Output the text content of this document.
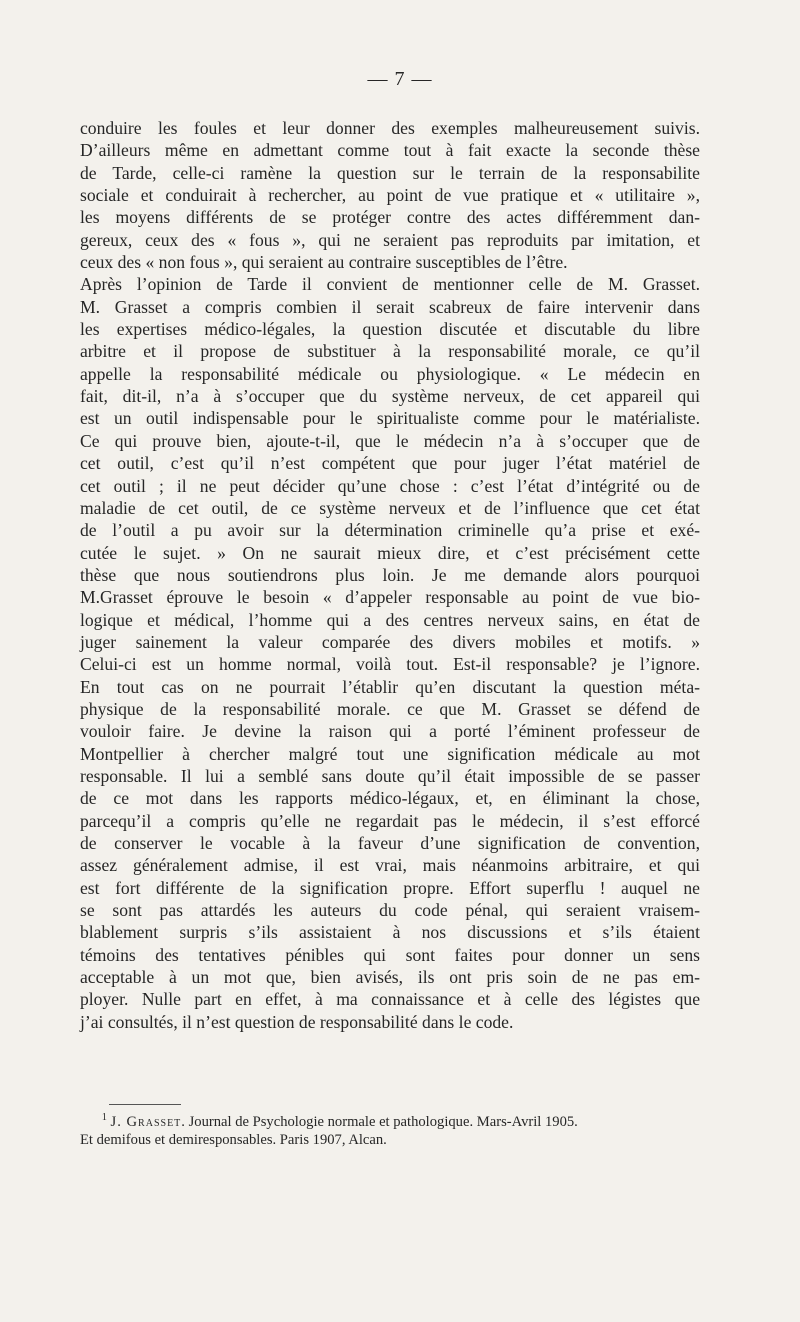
— 7 —
conduire les foules et leur donner des exemples malheureusement suivis.
D’ailleurs même en admettant comme tout à fait exacte la seconde thèse
de Tarde, celle-ci ramène la question sur le terrain de la responsabilite
sociale et conduirait à rechercher, au point de vue pratique et « utilitaire »,
les moyens différents de se protéger contre des actes différemment dan-
gereux, ceux des « fous », qui ne seraient pas reproduits par imitation, et
ceux des « non fous », qui seraient au contraire susceptibles de l’être.
Après l’opinion de Tarde il convient de mentionner celle de M. Grasset.
M. Grasset a compris combien il serait scabreux de faire intervenir dans
les expertises médico-légales, la question discutée et discutable du libre
arbitre et il propose de substituer à la responsabilité morale, ce qu’il
appelle la responsabilité médicale ou physiologique. « Le médecin en
fait, dit-il, n’a à s’occuper que du système nerveux, de cet appareil qui
est un outil indispensable pour le spiritualiste comme pour le matérialiste.
Ce qui prouve bien, ajoute-t-il, que le médecin n’a à s’occuper que de
cet outil, c’est qu’il n’est compétent que pour juger l’état matériel de
cet outil ; il ne peut décider qu’une chose : c’est l’état d’intégrité ou de
maladie de cet outil, de ce système nerveux et de l’influence que cet état
de l’outil a pu avoir sur la détermination criminelle qu’a prise et exé-
cutée le sujet. » On ne saurait mieux dire, et c’est précisément cette
thèse que nous soutiendrons plus loin. Je me demande alors pourquoi
M.Grasset éprouve le besoin « d’appeler responsable au point de vue bio-
logique et médical, l’homme qui a des centres nerveux sains, en état de
juger sainement la valeur comparée des divers mobiles et motifs. »
Celui-ci est un homme normal, voilà tout. Est-il responsable? je l’ignore.
En tout cas on ne pourrait l’établir qu’en discutant la question méta-
physique de la responsabilité morale. ce que M. Grasset se défend de
vouloir faire. Je devine la raison qui a porté l’éminent professeur de
Montpellier à chercher malgré tout une signification médicale au mot
responsable. Il lui a semblé sans doute qu’il était impossible de se passer
de ce mot dans les rapports médico-légaux, et, en éliminant la chose,
parcequ’il a compris qu’elle ne regardait pas le médecin, il s’est efforcé
de conserver le vocable à la faveur d’une signification de convention,
assez généralement admise, il est vrai, mais néanmoins arbitraire, et qui
est fort différente de la signification propre. Effort superflu ! auquel ne
se sont pas attardés les auteurs du code pénal, qui seraient vraisem-
blablement surpris s’ils assistaient à nos discussions et s’ils étaient
témoins des tentatives pénibles qui sont faites pour donner un sens
acceptable à un mot que, bien avisés, ils ont pris soin de ne pas em-
ployer. Nulle part en effet, à ma connaissance et à celle des légistes que
j’ai consultés, il n’est question de responsabilité dans le code.
$^1$ J. Grasset. Journal de Psychologie normale et pathologique. Mars-Avril 1905.
Et demifous et demiresponsables. Paris 1907, Alcan.
